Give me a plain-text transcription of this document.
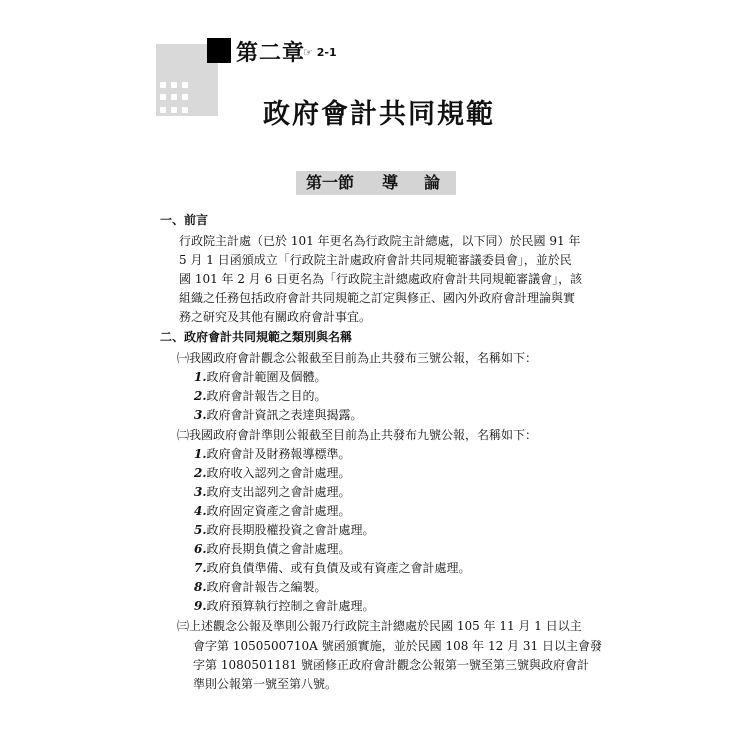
第二章
☞ 2-1
政府會計共同規範
第一節 導 論
一、前言
行政院主計處（已於 101 年更名為行政院主計總處，以下同）於民國 91 年
5 月 1 日函頒成立「行政院主計處政府會計共同規範審議委員會」，並於民
國 101 年 2 月 6 日更名為「行政院主計總處政府會計共同規範審議會」，該
組織之任務包括政府會計共同規範之訂定與修正、國內外政府會計理論與實
務之研究及其他有關政府會計事宜。
二、政府會計共同規範之類別與名稱
㈠我國政府會計觀念公報截至目前為止共發布三號公報，名稱如下：
1.政府會計範圍及個體。
2.政府會計報告之目的。
3.政府會計資訊之表達與揭露。
㈡我國政府會計準則公報截至目前為止共發布九號公報，名稱如下：
1.政府會計及財務報導標準。
2.政府收入認列之會計處理。
3.政府支出認列之會計處理。
4.政府固定資產之會計處理。
5.政府長期股權投資之會計處理。
6.政府長期負債之會計處理。
7.政府負債準備、或有負債及或有資產之會計處理。
8.政府會計報告之編製。
9.政府預算執行控制之會計處理。
㈢上述觀念公報及準則公報乃行政院主計總處於民國 105 年 11 月 1 日以主
會字第 1050500710A 號函頒實施，並於民國 108 年 12 月 31 日以主會發
字第 1080501181 號函修正政府會計觀念公報第一號至第三號與政府會計
準則公報第一號至第八號。
